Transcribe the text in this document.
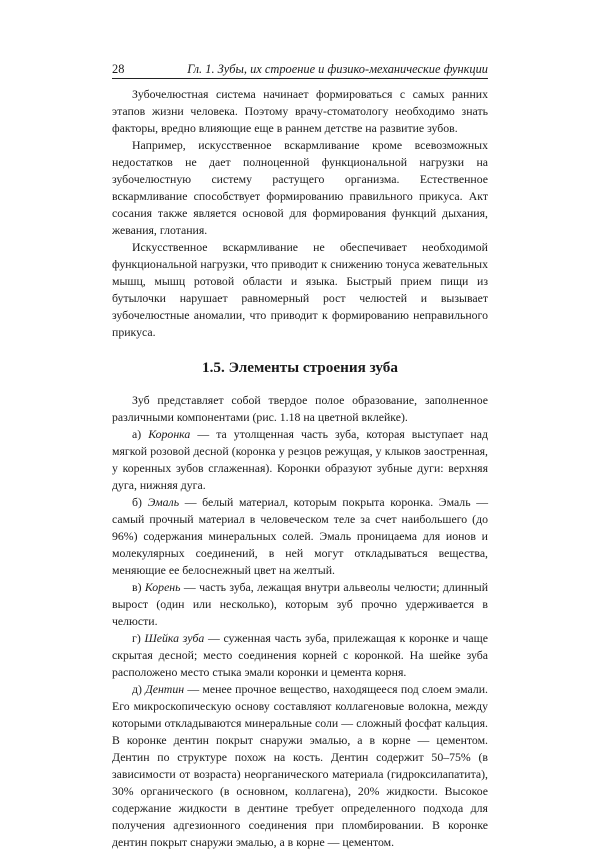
28	Гл. 1. Зубы, их строение и физико-механические функции

Зубочелюстная система начинает формироваться с самых ранних этапов жизни человека. Поэтому врачу-стоматологу необходимо знать факторы, вредно влияющие еще в раннем детстве на развитие зубов.

Например, искусственное вскармливание кроме всевозможных недостатков не дает полноценной функциональной нагрузки на зубочелюстную систему растущего организма. Естественное вскармливание способствует формированию правильного прикуса. Акт сосания также является основой для формирования функций дыхания, жевания, глотания.

Искусственное вскармливание не обеспечивает необходимой функциональной нагрузки, что приводит к снижению тонуса жевательных мышц, мышц ротовой области и языка. Быстрый прием пищи из бутылочки нарушает равномерный рост челюстей и вызывает зубочелюстные аномалии, что приводит к формированию неправильного прикуса.

1.5. Элементы строения зуба

Зуб представляет собой твердое полое образование, заполненное различными компонентами (рис. 1.18 на цветной вклейке).

а) Коронка — та утолщенная часть зуба, которая выступает над мягкой розовой десной (коронка у резцов режущая, у клыков заостренная, у коренных зубов сглаженная). Коронки образуют зубные дуги: верхняя дуга, нижняя дуга.

б) Эмаль — белый материал, которым покрыта коронка. Эмаль — самый прочный материал в человеческом теле за счет наибольшего (до 96%) содержания минеральных солей. Эмаль проницаема для ионов и молекулярных соединений, в ней могут откладываться вещества, меняющие ее белоснежный цвет на желтый.

в) Корень — часть зуба, лежащая внутри альвеолы челюсти; длинный вырост (один или несколько), которым зуб прочно удерживается в челюсти.

г) Шейка зуба — суженная часть зуба, прилежащая к коронке и чаще скрытая десной; место соединения корней с коронкой. На шейке зуба расположено место стыка эмали коронки и цемента корня.

д) Дентин — менее прочное вещество, находящееся под слоем эмали. Его микроскопическую основу составляют коллагеновые волокна, между которыми откладываются минеральные соли — сложный фосфат кальция. В коронке дентин покрыт снаружи эмалью, а в корне — цементом. Дентин по структуре похож на кость. Дентин содержит 50–75% (в зависимости от возраста) неорганического материала (гидроксилапатита), 30% органического (в основном, коллагена), 20% жидкости. Высокое содержание жидкости в дентине требует определенного подхода для получения адгезионного соединения при пломбировании. В коронке дентин покрыт снаружи эмалью, а в корне — цементом.
